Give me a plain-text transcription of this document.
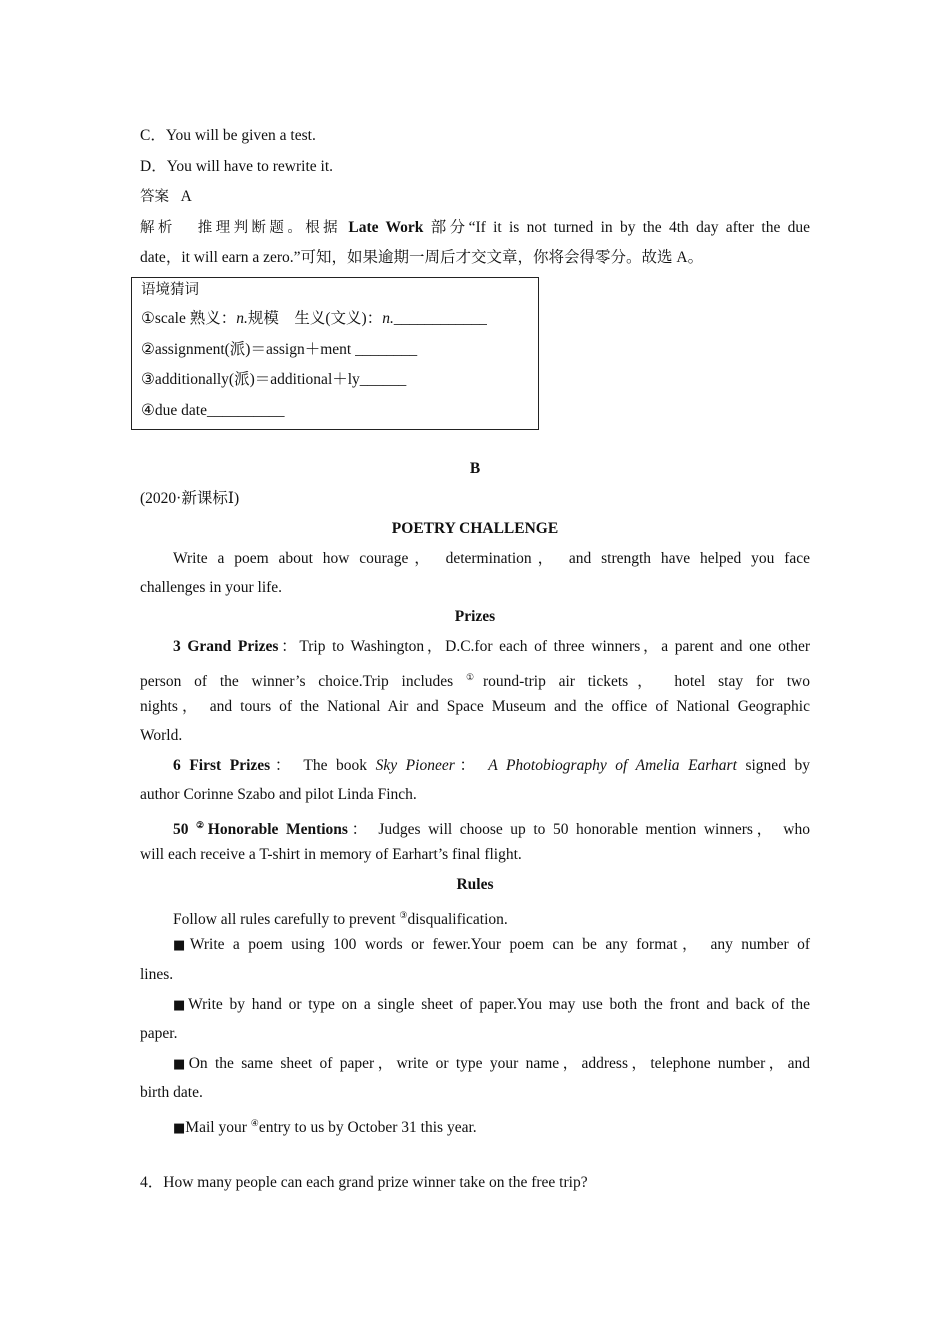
C．You will be given a test.
D．You will have to rewrite it.
答案 A
解析 推理判断题。根据 Late Work 部分“If it is not turned in by the 4th day after the due
date，it will earn a zero.”可知，如果逾期一周后才交文章，你将会得零分。故选 A。
语境猜词
①scale 熟义：n.规模　生义(文义)：n.____________
②assignment(派)＝assign＋ment ________
③additionally(派)＝additional＋ly______
④due date__________
B
(2020·新课标Ⅰ)
POETRY CHALLENGE
Write a poem about how courage， determination， and strength have helped you face
challenges in your life.
Prizes
3 Grand Prizes：Trip to Washington，D.C.for each of three winners，a parent and one other
person of the winner’s choice.Trip includes ①round-trip air tickets， hotel stay for two
nights， and tours of the National Air and Space Museum and the office of National Geographic
World.
6 First Prizes： The book Sky Pioneer： A Photobiography of Amelia Earhart signed by
author Corinne Szabo and pilot Linda Finch.
50 ②Honorable Mentions： Judges will choose up to 50 honorable mention winners， who
will each receive a T-shirt in memory of Earhart’s final flight.
Rules
Follow all rules carefully to prevent ③disqualification.
■Write a poem using 100 words or fewer.Your poem can be any format， any number of
lines.
■Write by hand or type on a single sheet of paper.You may use both the front and back of the
paper.
■On the same sheet of paper，write or type your name，address，telephone number，and
birth date.
■Mail your ④entry to us by October 31 this year.
4．How many people can each grand prize winner take on the free trip?
